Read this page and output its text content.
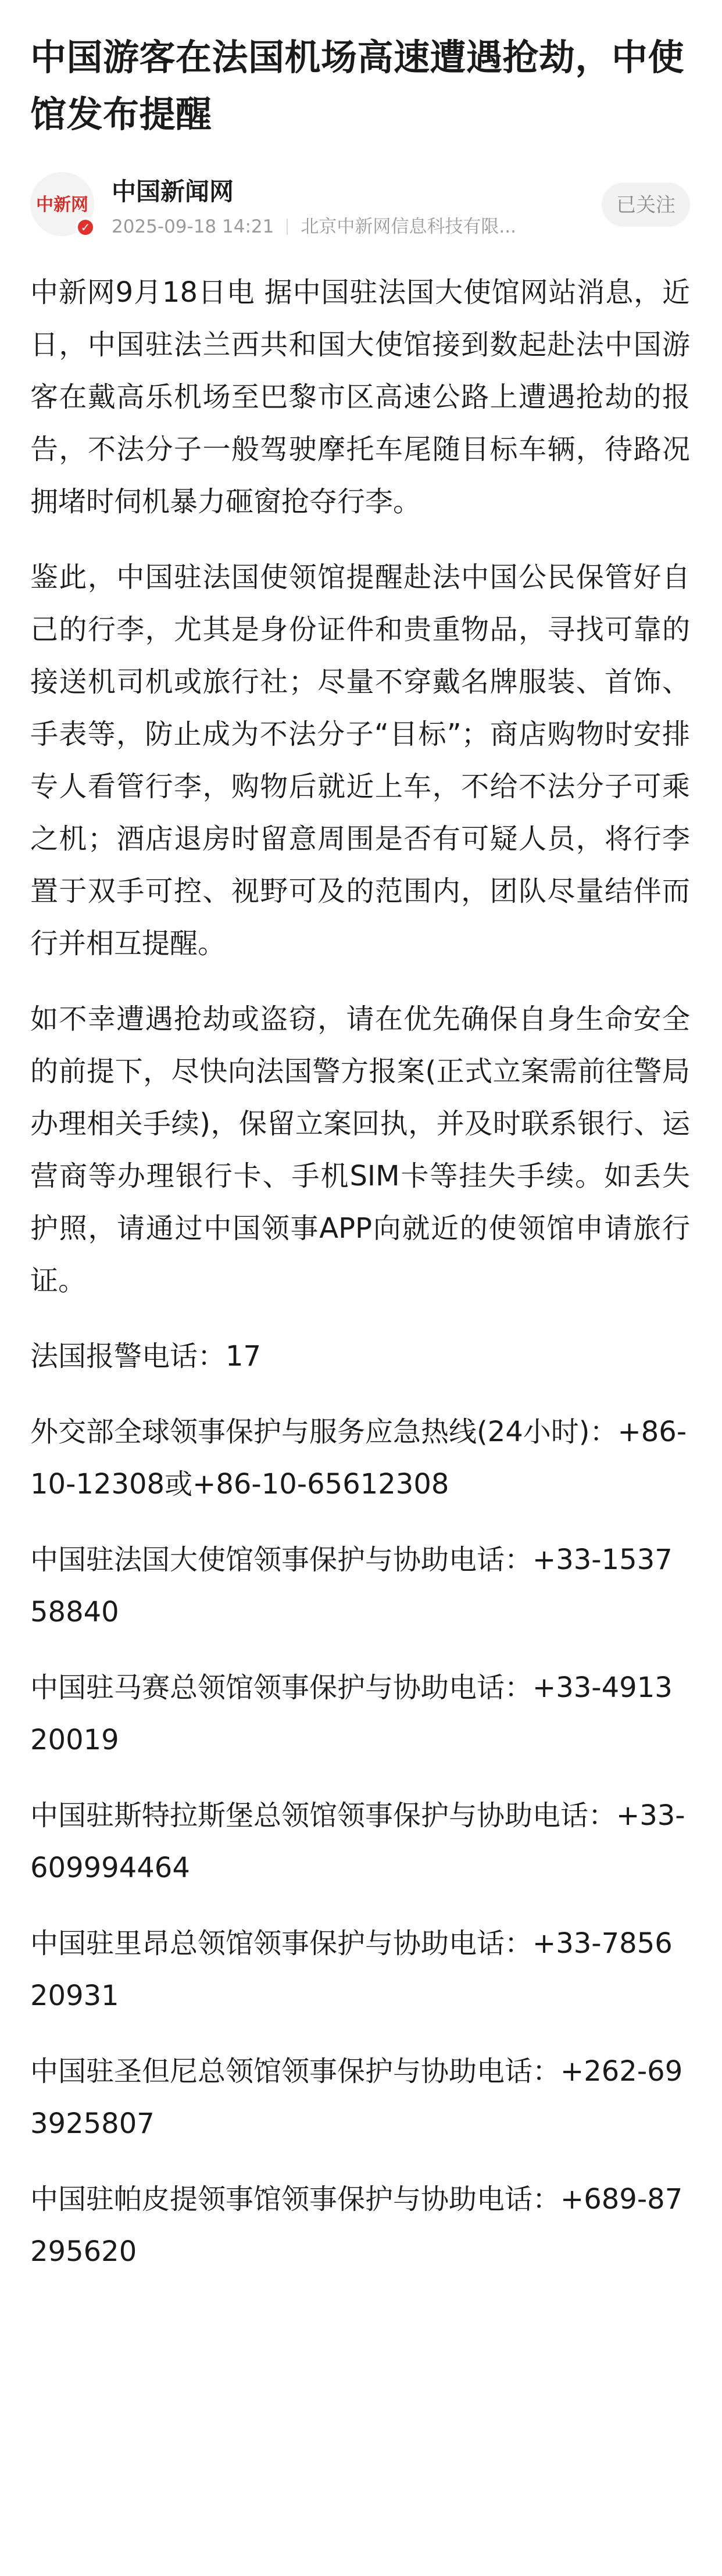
中国游客在法国机场高速遭遇抢劫，中使馆发布提醒
中新网
✓
中国新闻网
2025-09-18 14:21 北京中新网信息科技有限...
已关注

中新网9月18日电 据中国驻法国大使馆网站消息，近日，中国驻法兰西共和国大使馆接到数起赴法中国游客在戴高乐机场至巴黎市区高速公路上遭遇抢劫的报告，不法分子一般驾驶摩托车尾随目标车辆，待路况拥堵时伺机暴力砸窗抢夺行李。

鉴此，中国驻法国使领馆提醒赴法中国公民保管好自己的行李，尤其是身份证件和贵重物品，寻找可靠的接送机司机或旅行社；尽量不穿戴名牌服装、首饰、手表等，防止成为不法分子“目标”；商店购物时安排专人看管行李，购物后就近上车，不给不法分子可乘之机；酒店退房时留意周围是否有可疑人员，将行李置于双手可控、视野可及的范围内，团队尽量结伴而行并相互提醒。

如不幸遭遇抢劫或盗窃，请在优先确保自身生命安全的前提下，尽快向法国警方报案(正式立案需前往警局办理相关手续)，保留立案回执，并及时联系银行、运营商等办理银行卡、手机SIM卡等挂失手续。如丢失护照，请通过中国领事APP向就近的使领馆申请旅行证。

法国报警电话：17

外交部全球领事保护与服务应急热线(24小时)：+86-10-12308或+86-10-65612308

中国驻法国大使馆领事保护与协助电话：+33-153758840

中国驻马赛总领馆领事保护与协助电话：+33-491320019

中国驻斯特拉斯堡总领馆领事保护与协助电话：+33-609994464

中国驻里昂总领馆领事保护与协助电话：+33-785620931

中国驻圣但尼总领馆领事保护与协助电话：+262-693925807

中国驻帕皮提领事馆领事保护与协助电话：+689-87295620
